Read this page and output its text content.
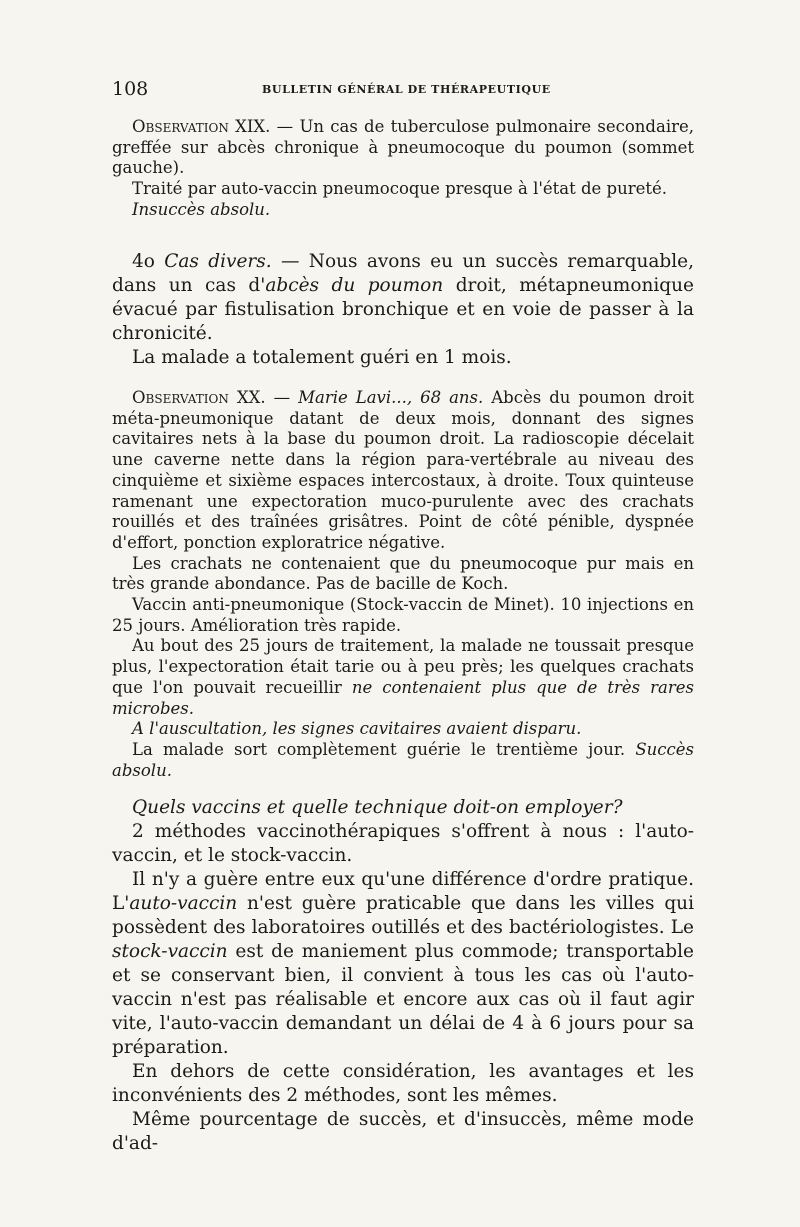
108	BULLETIN GÉNÉRAL DE THÉRAPEUTIQUE

Observation XIX. — Un cas de tuberculose pulmonaire secondaire, greffée sur abcès chronique à pneumocoque du poumon (sommet gauche).

Traité par auto-vaccin pneumocoque presque à l'état de pureté.

Insuccès absolu.

4o Cas divers. — Nous avons eu un succès remarquable, dans un cas d'abcès du poumon droit, métapneumonique évacué par fistulisation bronchique et en voie de passer à la chronicité.

La malade a totalement guéri en 1 mois.

Observation XX. — Marie Lavi..., 68 ans. Abcès du poumon droit méta-pneumonique datant de deux mois, donnant des signes cavitaires nets à la base du poumon droit. La radioscopie décelait une caverne nette dans la région para-vertébrale au niveau des cinquième et sixième espaces intercostaux, à droite. Toux quinteuse ramenant une expectoration muco-purulente avec des crachats rouillés et des traînées grisâtres. Point de côté pénible, dyspnée d'effort, ponction exploratrice négative.

Les crachats ne contenaient que du pneumocoque pur mais en très grande abondance. Pas de bacille de Koch.

Vaccin anti-pneumonique (Stock-vaccin de Minet). 10 injections en 25 jours. Amélioration très rapide.

Au bout des 25 jours de traitement, la malade ne toussait presque plus, l'expectoration était tarie ou à peu près; les quelques crachats que l'on pouvait recueillir ne contenaient plus que de très rares microbes.

A l'auscultation, les signes cavitaires avaient disparu.

La malade sort complètement guérie le trentième jour. Succès absolu.

Quels vaccins et quelle technique doit-on employer?

2 méthodes vaccinothérapiques s'offrent à nous : l'auto-vaccin, et le stock-vaccin.

Il n'y a guère entre eux qu'une différence d'ordre pratique. L'auto-vaccin n'est guère praticable que dans les villes qui possèdent des laboratoires outillés et des bactériologistes. Le stock-vaccin est de maniement plus commode; transportable et se conservant bien, il convient à tous les cas où l'auto-vaccin n'est pas réalisable et encore aux cas où il faut agir vite, l'auto-vaccin demandant un délai de 4 à 6 jours pour sa préparation.

En dehors de cette considération, les avantages et les inconvénients des 2 méthodes, sont les mêmes.

Même pourcentage de succès, et d'insuccès, même mode d'ad-
